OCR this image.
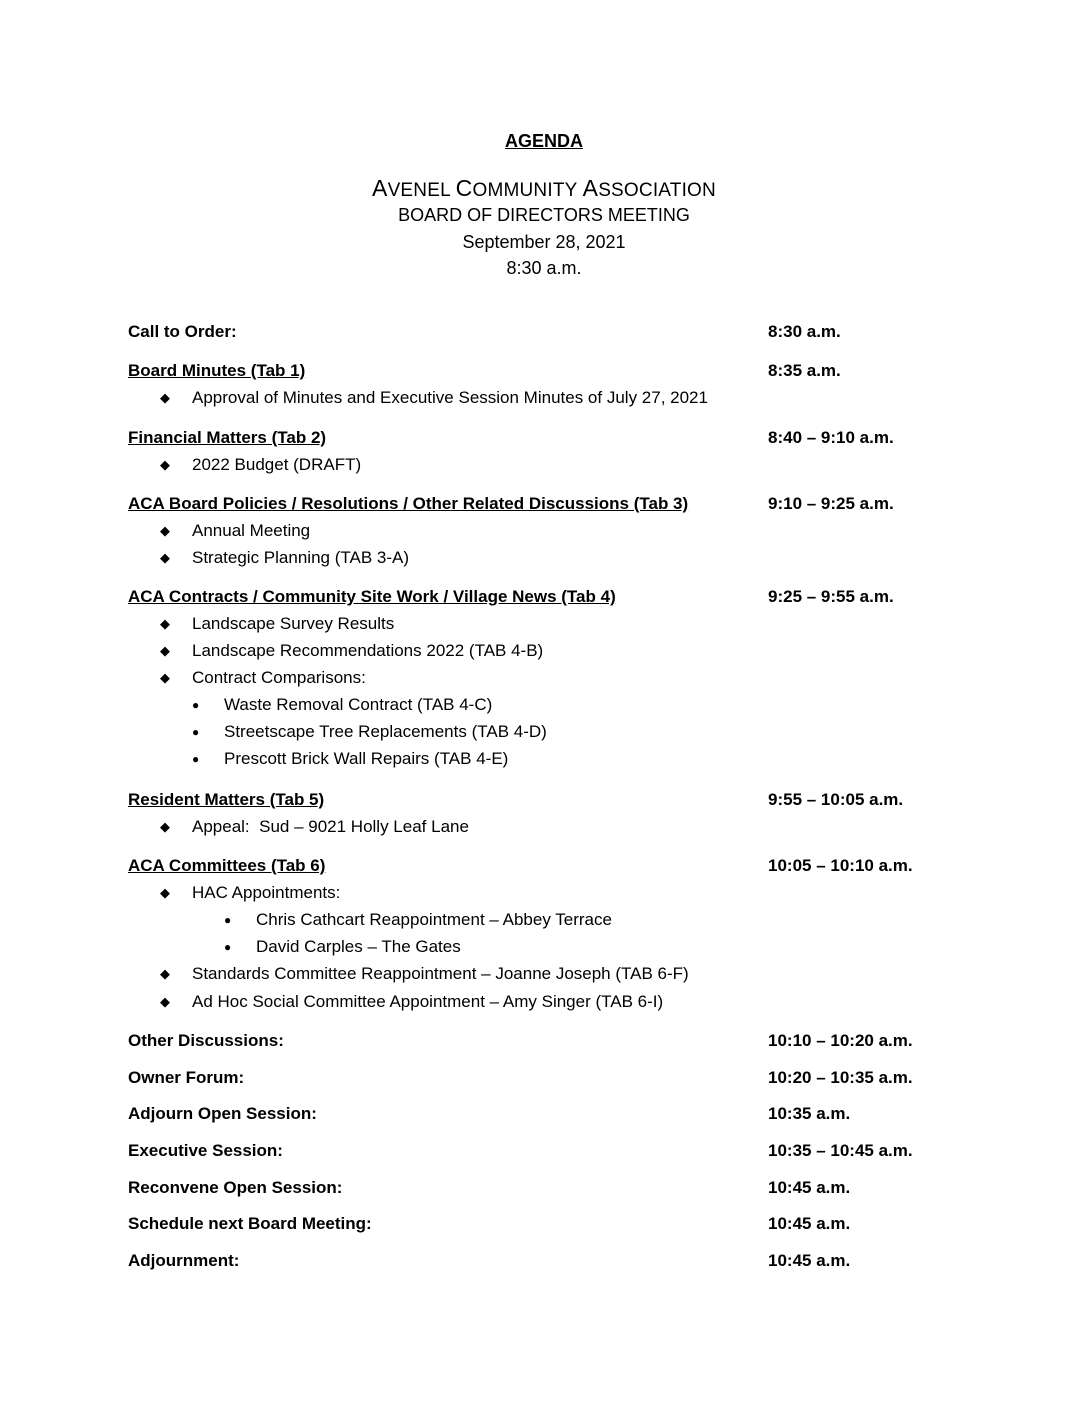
AGENDA
AVENEL COMMUNITY ASSOCIATION
BOARD OF DIRECTORS MEETING
September 28, 2021
8:30 a.m.
Call to Order:	8:30 a.m.
Board Minutes (Tab 1)	8:35 a.m.
◆	Approval of Minutes and Executive Session Minutes of July 27, 2021
Financial Matters (Tab 2)	8:40 – 9:10 a.m.
◆	2022 Budget (DRAFT)
ACA Board Policies / Resolutions / Other Related Discussions (Tab 3)	9:10 – 9:25 a.m.
◆	Annual Meeting
◆	Strategic Planning (TAB 3-A)
ACA Contracts / Community Site Work / Village News (Tab 4)	9:25 – 9:55 a.m.
◆	Landscape Survey Results
◆	Landscape Recommendations 2022 (TAB 4-B)
◆	Contract Comparisons:
●	Waste Removal Contract (TAB 4-C)
●	Streetscape Tree Replacements (TAB 4-D)
●	Prescott Brick Wall Repairs (TAB 4-E)
Resident Matters (Tab 5)	9:55 – 10:05 a.m.
◆	Appeal:  Sud – 9021 Holly Leaf Lane
ACA Committees (Tab 6)	10:05 – 10:10 a.m.
◆	HAC Appointments:
●	Chris Cathcart Reappointment – Abbey Terrace
●	David Carples – The Gates
◆	Standards Committee Reappointment – Joanne Joseph (TAB 6-F)
◆	Ad Hoc Social Committee Appointment – Amy Singer (TAB 6-I)
Other Discussions:	10:10 – 10:20 a.m.
Owner Forum:	10:20 – 10:35 a.m.
Adjourn Open Session:	10:35 a.m.
Executive Session:	10:35 – 10:45 a.m.
Reconvene Open Session:	10:45 a.m.
Schedule next Board Meeting:	10:45 a.m.
Adjournment:	10:45 a.m.
